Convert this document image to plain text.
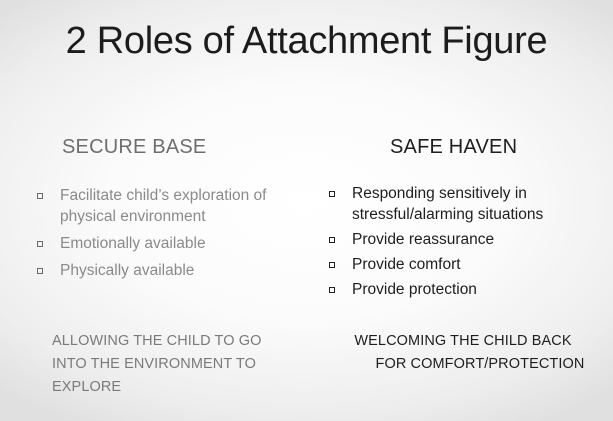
2 Roles of Attachment Figure
SECURE BASE
Facilitate child’s exploration of
physical environment
Emotionally available
Physically available
SAFE HAVEN
Responding sensitively in
stressful/alarming situations
Provide reassurance
Provide comfort
Provide protection
ALLOWING THE CHILD TO GO
INTO THE ENVIRONMENT TO
EXPLORE
WELCOMING THE CHILD BACK
FOR COMFORT/PROTECTION
